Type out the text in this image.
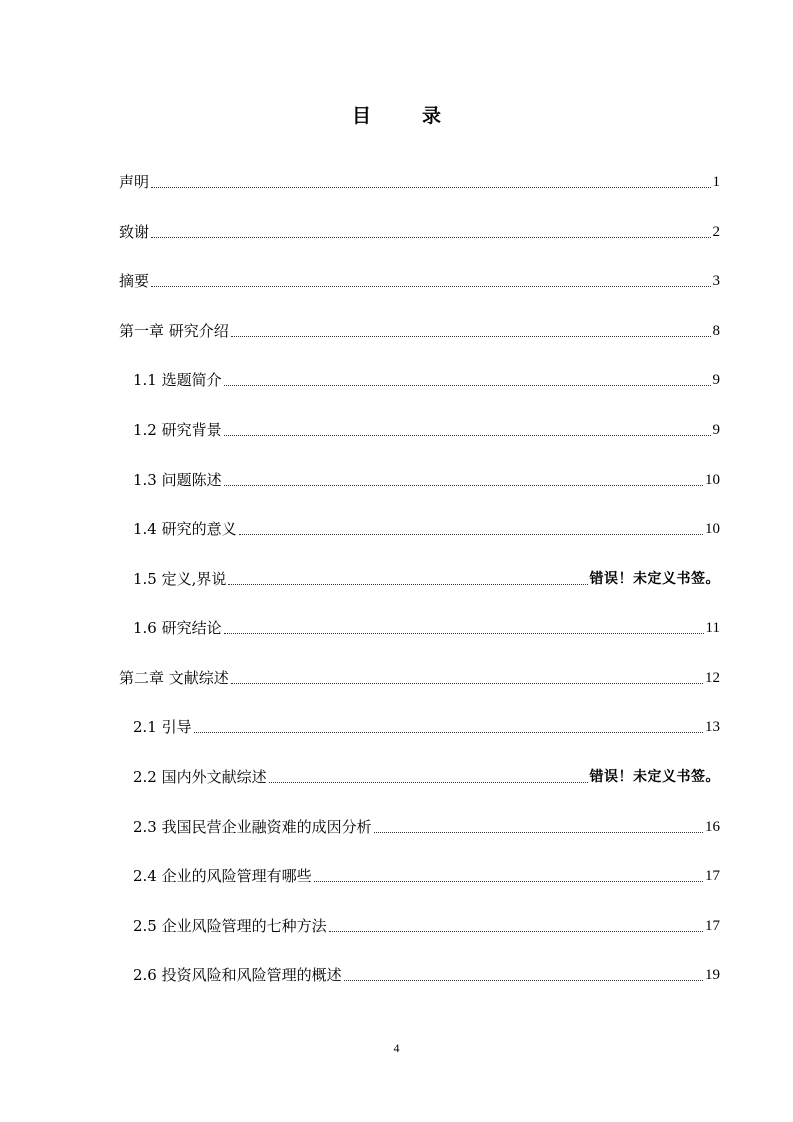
目　录
声明	1
致谢	2
摘要	3
第一章 研究介绍	8
1.1 选题简介	9
1.2 研究背景	9
1.3 问题陈述	10
1.4 研究的意义	10
1.5 定义,界说	错误！未定义书签。
1.6 研究结论	11
第二章 文献综述	12
2.1 引导	13
2.2 国内外文献综述	错误！未定义书签。
2.3 我国民营企业融资难的成因分析	16
2.4 企业的风险管理有哪些	17
2.5 企业风险管理的七种方法	17
2.6 投资风险和风险管理的概述	19
4
